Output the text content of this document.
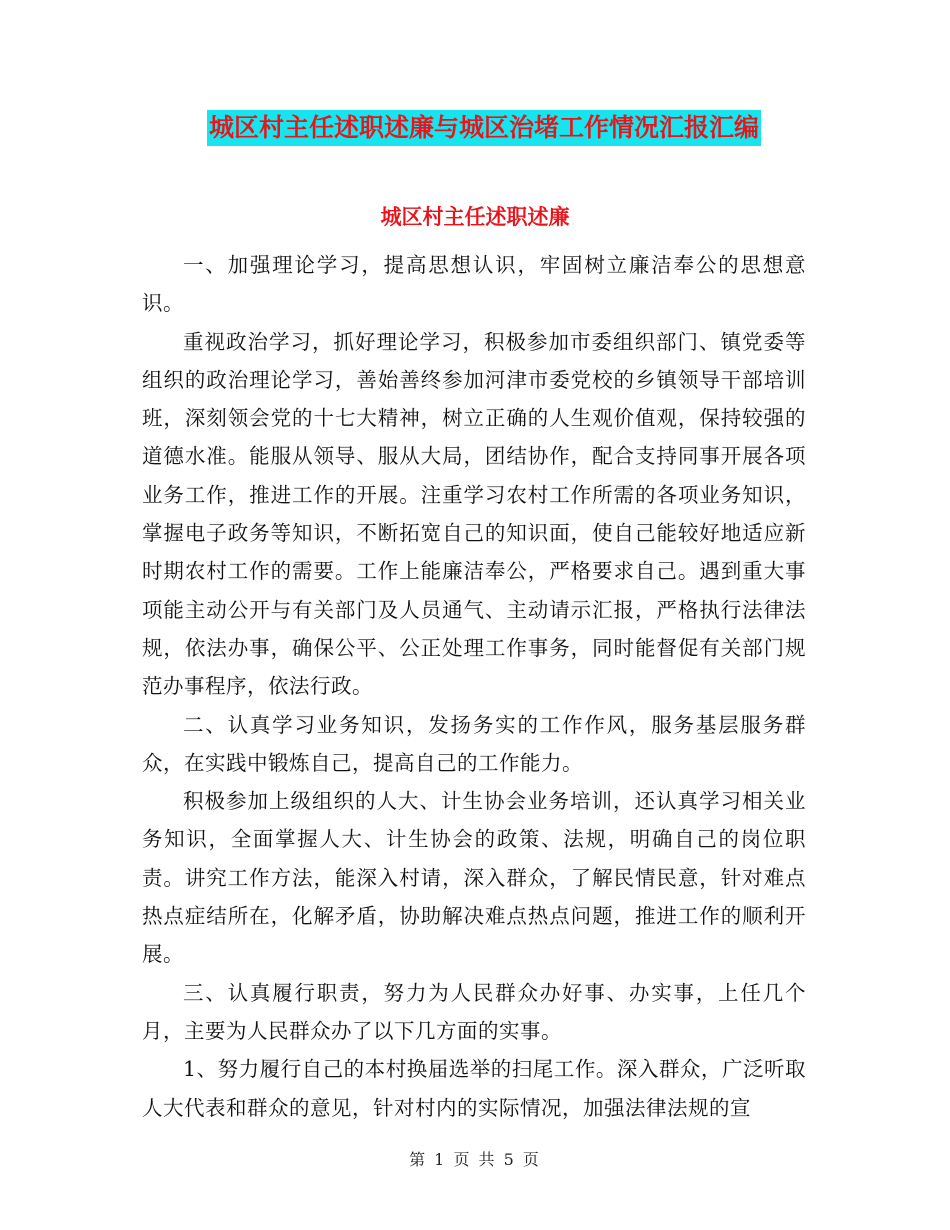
城区村主任述职述廉与城区治堵工作情况汇报汇编
城区村主任述职述廉

一、加强理论学习，提高思想认识，牢固树立廉洁奉公的思想意识。

重视政治学习，抓好理论学习，积极参加市委组织部门、镇党委等组织的政治理论学习，善始善终参加河津市委党校的乡镇领导干部培训班，深刻领会党的十七大精神，树立正确的人生观价值观，保持较强的道德水准。能服从领导、服从大局，团结协作，配合支持同事开展各项业务工作，推进工作的开展。注重学习农村工作所需的各项业务知识，掌握电子政务等知识，不断拓宽自己的知识面，使自己能较好地适应新时期农村工作的需要。工作上能廉洁奉公，严格要求自己。遇到重大事项能主动公开与有关部门及人员通气、主动请示汇报，严格执行法律法规，依法办事，确保公平、公正处理工作事务，同时能督促有关部门规范办事程序，依法行政。

二、认真学习业务知识，发扬务实的工作作风，服务基层服务群众，在实践中锻炼自己，提高自己的工作能力。

积极参加上级组织的人大、计生协会业务培训，还认真学习相关业务知识，全面掌握人大、计生协会的政策、法规，明确自己的岗位职责。讲究工作方法，能深入村请，深入群众，了解民情民意，针对难点热点症结所在，化解矛盾，协助解决难点热点问题，推进工作的顺利开展。

三、认真履行职责，努力为人民群众办好事、办实事，上任几个月，主要为人民群众办了以下几方面的实事。

1、努力履行自己的本村换届选举的扫尾工作。深入群众，广泛听取人大代表和群众的意见，针对村内的实际情况，加强法律法规的宣

第 1 页 共 5 页
